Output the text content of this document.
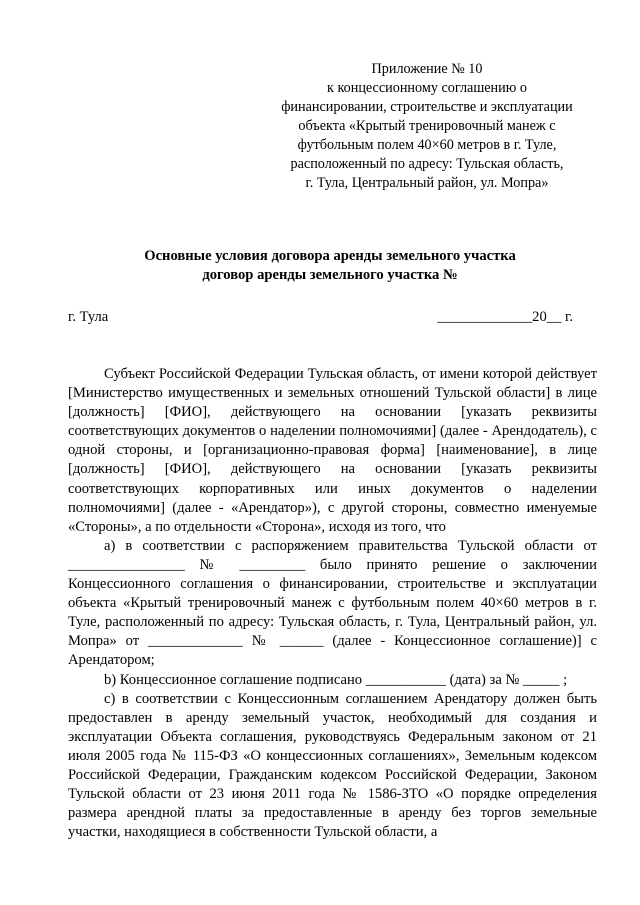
Приложение № 10
к концессионному соглашению о
финансировании, строительстве и эксплуатации
объекта «Крытый тренировочный манеж с
футбольным полем 40×60 метров в г. Туле,
расположенный по адресу: Тульская область,
г. Тула, Центральный район, ул. Мопра»
Основные условия договора аренды земельного участка
договор аренды земельного участка №
г. Тула	_____________20__ г.

Субъект Российской Федерации Тульская область, от имени которой действует [Министерство имущественных и земельных отношений Тульской области] в лице [должность] [ФИО], действующего на основании [указать реквизиты соответствующих документов о наделении полномочиями] (далее - Арендодатель), с одной стороны, и [организационно-правовая форма] [наименование], в лице [должность] [ФИО], действующего на основании [указать реквизиты соответствующих корпоративных или иных документов о наделении полномочиями] (далее - «Арендатор»), с другой стороны, совместно именуемые «Стороны», а по отдельности «Сторона», исходя из того, что

а) в соответствии с распоряжением правительства Тульской области от ________________ № _________ было принято решение о заключении Концессионного соглашения о финансировании, строительстве и эксплуатации объекта «Крытый тренировочный манеж с футбольным полем 40×60 метров в г. Туле, расположенный по адресу: Тульская область, г. Тула, Центральный район, ул. Мопра» от _____________ № ______ (далее - Концессионное соглашение)] с Арендатором;

b) Концессионное соглашение подписано ___________ (дата) за № _____ ;

с) в соответствии с Концессионным соглашением Арендатору должен быть предоставлен в аренду земельный участок, необходимый для создания и эксплуатации Объекта соглашения, руководствуясь Федеральным законом от 21 июля 2005 года № 115-ФЗ «О концессионных соглашениях», Земельным кодексом Российской Федерации, Гражданским кодексом Российской Федерации, Законом Тульской области от 23 июня 2011 года № 1586-ЗТО «О порядке определения размера арендной платы за предоставленные в аренду без торгов земельные участки, находящиеся в собственности Тульской области, а
